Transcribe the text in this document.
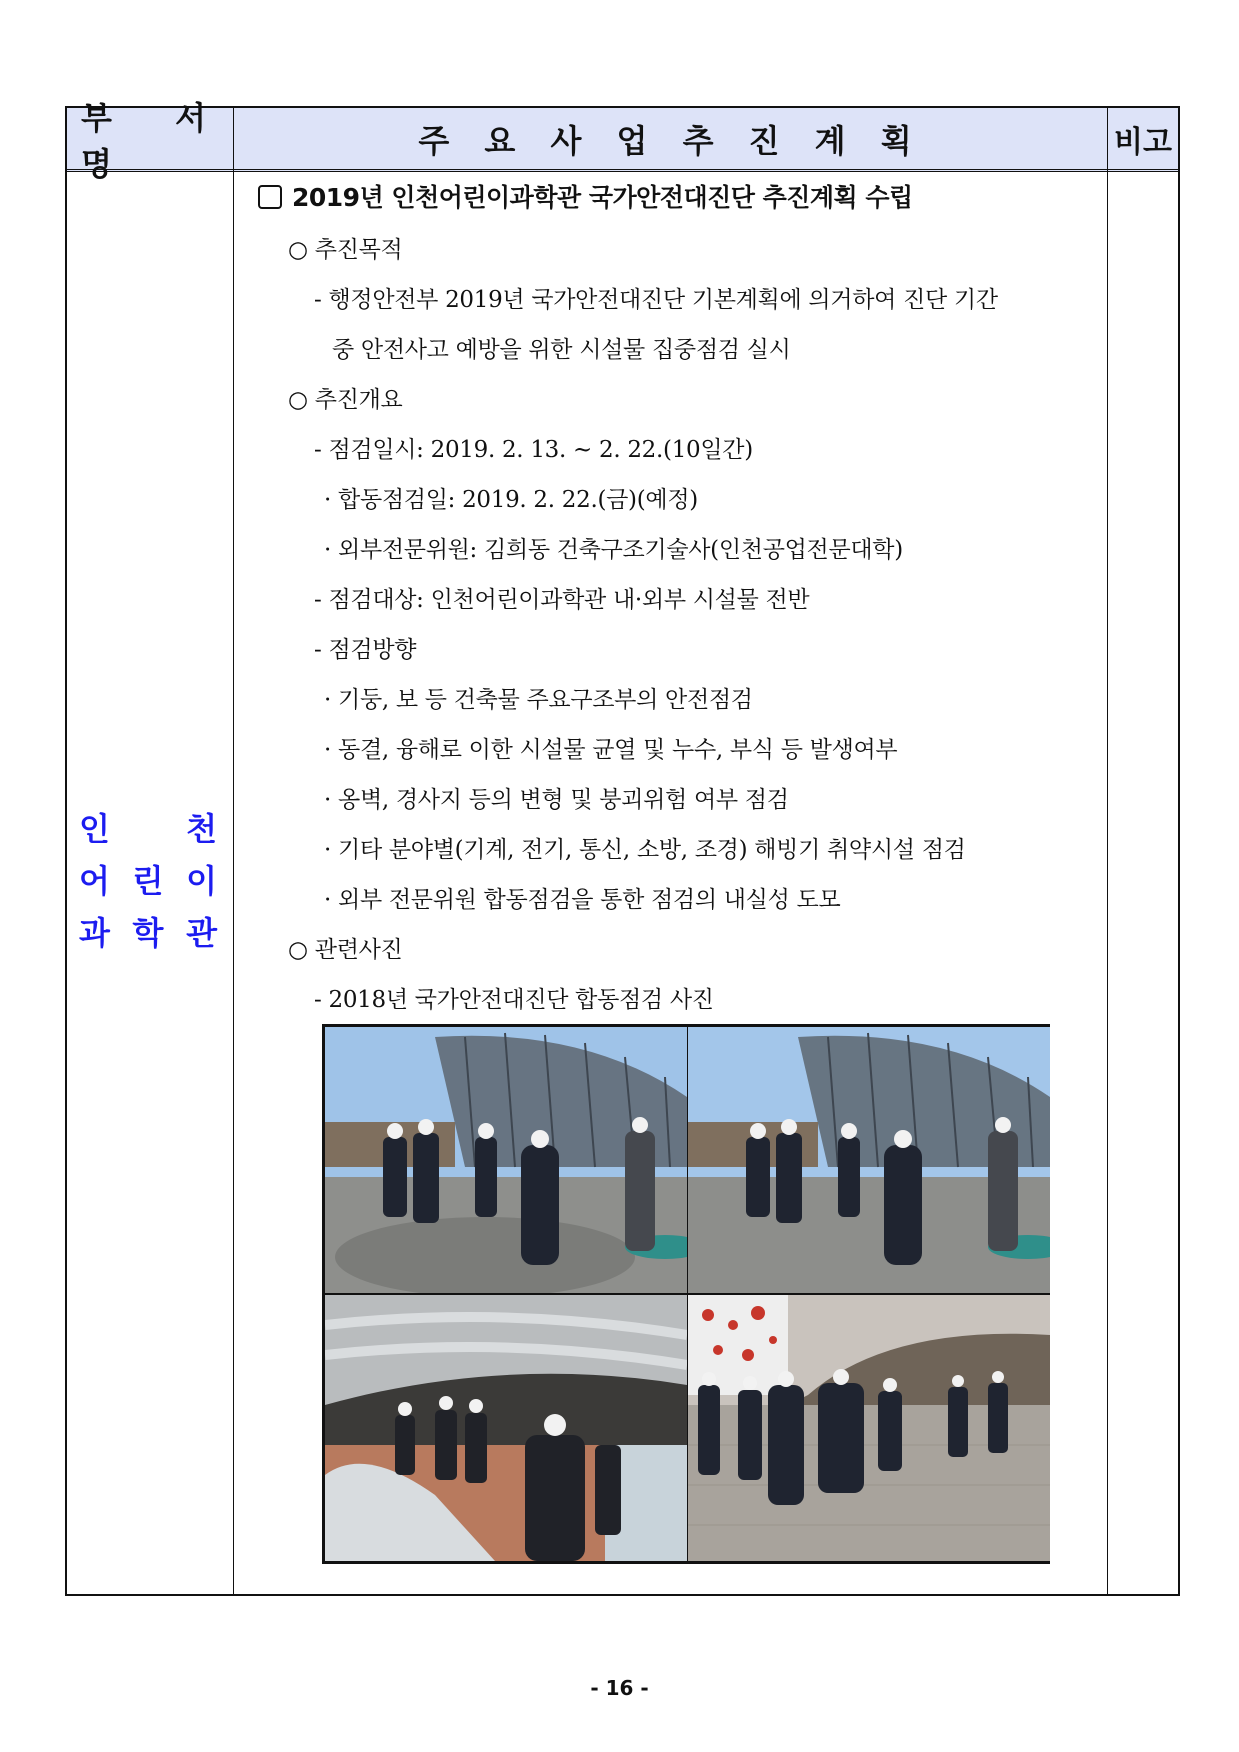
부 서 명
주 요 사 업 추 진 계 획	비고
인 천
어 린 이
과 학 관
2019년 인천어린이과학관 국가안전대진단 추진계획 수립
○ 추진목적
- 행정안전부 2019년 국가안전대진단 기본계획에 의거하여 진단 기간
중 안전사고 예방을 위한 시설물 집중점검 실시
○ 추진개요
- 점검일시: 2019. 2. 13. ~ 2. 22.(10일간)
· 합동점검일: 2019. 2. 22.(금)(예정)
· 외부전문위원: 김희동 건축구조기술사(인천공업전문대학)
- 점검대상: 인천어린이과학관 내·외부 시설물 전반
- 점검방향
· 기둥, 보 등 건축물 주요구조부의 안전점검
· 동결, 융해로 이한 시설물 균열 및 누수, 부식 등 발생여부
· 옹벽, 경사지 등의 변형 및 붕괴위험 여부 점검
· 기타 분야별(기계, 전기, 통신, 소방, 조경) 해빙기 취약시설 점검
· 외부 전문위원 합동점검을 통한 점검의 내실성 도모
○ 관련사진
- 2018년 국가안전대진단 합동점검 사진
- 16 -
